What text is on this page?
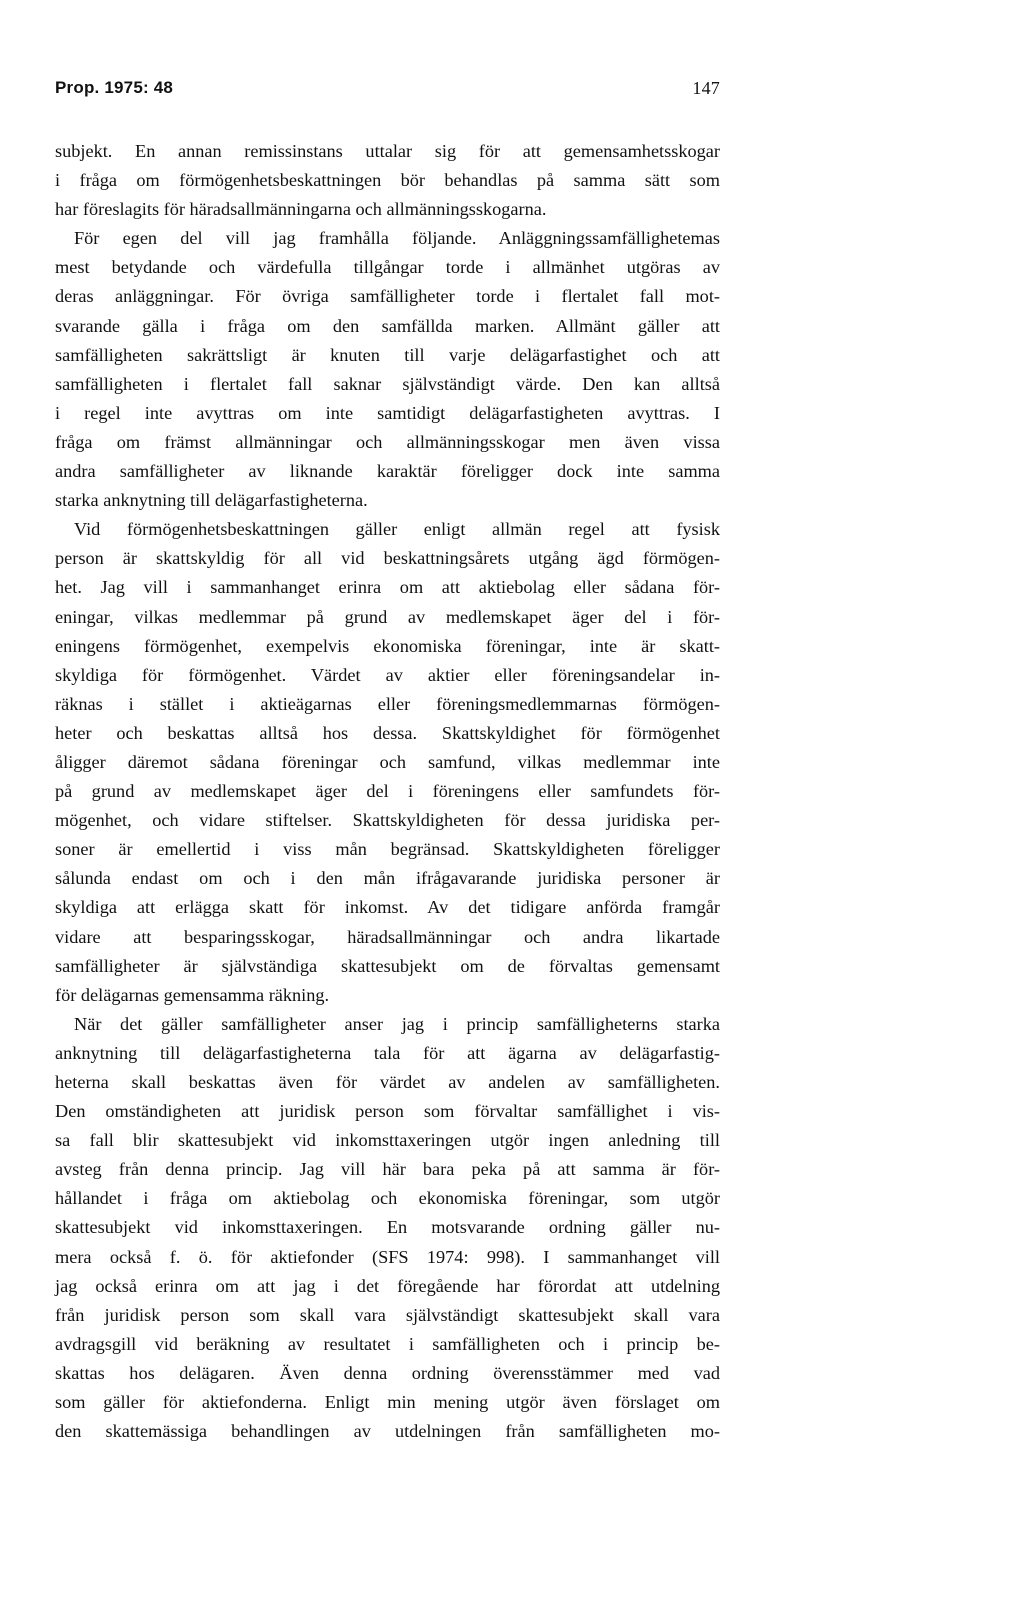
Prop. 1975: 48	147
subjekt. En annan remissinstans uttalar sig för att gemensamhetsskogar
i fråga om förmögenhetsbeskattningen bör behandlas på samma sätt som
har föreslagits för häradsallmänningarna och allmänningsskogarna.
För egen del vill jag framhålla följande. Anläggningssamfällighetemas
mest betydande och värdefulla tillgångar torde i allmänhet utgöras av
deras anläggningar. För övriga samfälligheter torde i flertalet fall mot-
svarande gälla i fråga om den samfällda marken. Allmänt gäller att
samfälligheten sakrättsligt är knuten till varje delägarfastighet och att
samfälligheten i flertalet fall saknar självständigt värde. Den kan alltså
i regel inte avyttras om inte samtidigt delägarfastigheten avyttras. I
fråga om främst allmänningar och allmänningsskogar men även vissa
andra samfälligheter av liknande karaktär föreligger dock inte samma
starka anknytning till delägarfastigheterna.
Vid förmögenhetsbeskattningen gäller enligt allmän regel att fysisk
person är skattskyldig för all vid beskattningsårets utgång ägd förmögen-
het. Jag vill i sammanhanget erinra om att aktiebolag eller sådana för-
eningar, vilkas medlemmar på grund av medlemskapet äger del i för-
eningens förmögenhet, exempelvis ekonomiska föreningar, inte är skatt-
skyldiga för förmögenhet. Värdet av aktier eller föreningsandelar in-
räknas i stället i aktieägarnas eller föreningsmedlemmarnas förmögen-
heter och beskattas alltså hos dessa. Skattskyldighet för förmögenhet
åligger däremot sådana föreningar och samfund, vilkas medlemmar inte
på grund av medlemskapet äger del i föreningens eller samfundets för-
mögenhet, och vidare stiftelser. Skattskyldigheten för dessa juridiska per-
soner är emellertid i viss mån begränsad. Skattskyldigheten föreligger
sålunda endast om och i den mån ifrågavarande juridiska personer är
skyldiga att erlägga skatt för inkomst. Av det tidigare anförda framgår
vidare att besparingsskogar, häradsallmänningar och andra likartade
samfälligheter är självständiga skattesubjekt om de förvaltas gemensamt
för delägarnas gemensamma räkning.
När det gäller samfälligheter anser jag i princip samfälligheterns starka
anknytning till delägarfastigheterna tala för att ägarna av delägarfastig-
heterna skall beskattas även för värdet av andelen av samfälligheten.
Den omständigheten att juridisk person som förvaltar samfällighet i vis-
sa fall blir skattesubjekt vid inkomsttaxeringen utgör ingen anledning till
avsteg från denna princip. Jag vill här bara peka på att samma är för-
hållandet i fråga om aktiebolag och ekonomiska föreningar, som utgör
skattesubjekt vid inkomsttaxeringen. En motsvarande ordning gäller nu-
mera också f. ö. för aktiefonder (SFS 1974: 998). I sammanhanget vill
jag också erinra om att jag i det föregående har förordat att utdelning
från juridisk person som skall vara självständigt skattesubjekt skall vara
avdragsgill vid beräkning av resultatet i samfälligheten och i princip be-
skattas hos delägaren. Även denna ordning överensstämmer med vad
som gäller för aktiefonderna. Enligt min mening utgör även förslaget om
den skattemässiga behandlingen av utdelningen från samfälligheten mo-
